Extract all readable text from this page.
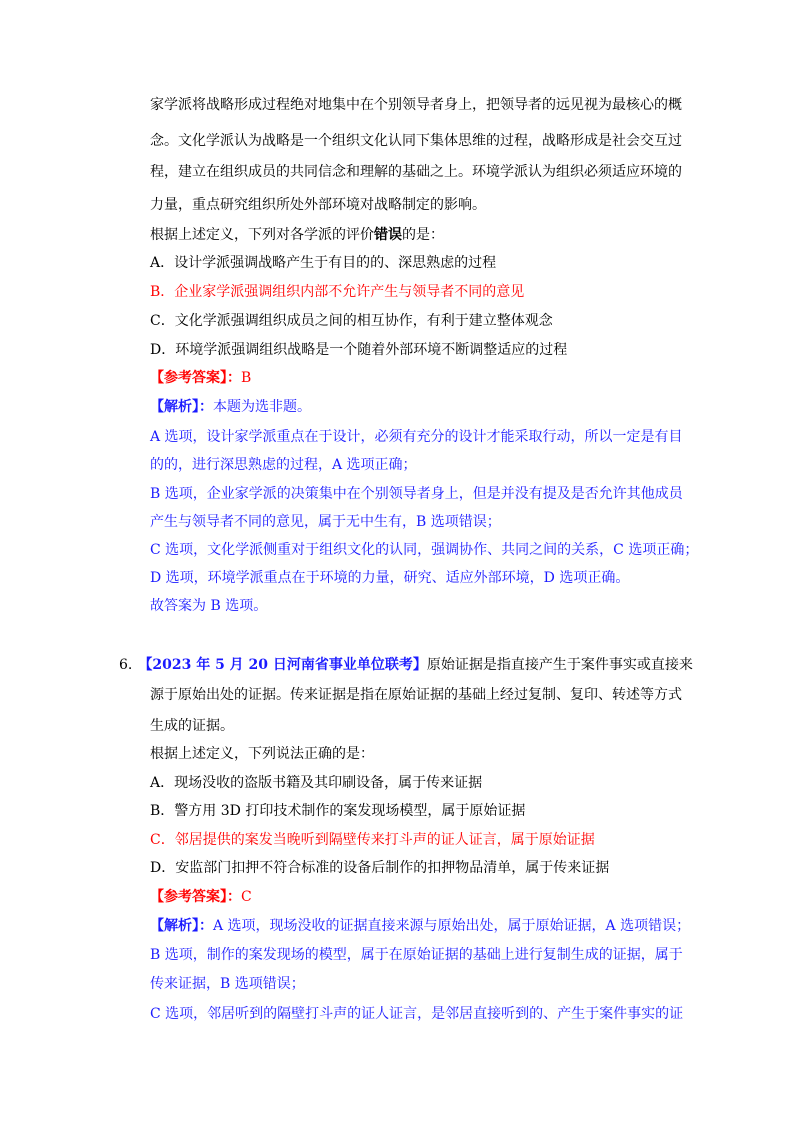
家学派将战略形成过程绝对地集中在个别领导者身上，把领导者的远见视为最核心的概
念。文化学派认为战略是一个组织文化认同下集体思维的过程，战略形成是社会交互过
程，建立在组织成员的共同信念和理解的基础之上。环境学派认为组织必须适应环境的
力量，重点研究组织所处外部环境对战略制定的影响。
根据上述定义，下列对各学派的评价错误的是：
A．设计学派强调战略产生于有目的的、深思熟虑的过程
B．企业家学派强调组织内部不允许产生与领导者不同的意见
C．文化学派强调组织成员之间的相互协作，有利于建立整体观念
D．环境学派强调组织战略是一个随着外部环境不断调整适应的过程
【参考答案】：B
【解析】：本题为选非题。
A 选项，设计家学派重点在于设计，必须有充分的设计才能采取行动，所以一定是有目
的的，进行深思熟虑的过程，A 选项正确；
B 选项，企业家学派的决策集中在个别领导者身上，但是并没有提及是否允许其他成员
产生与领导者不同的意见，属于无中生有，B 选项错误；
C 选项，文化学派侧重对于组织文化的认同，强调协作、共同之间的关系，C 选项正确；
D 选项，环境学派重点在于环境的力量，研究、适应外部环境，D 选项正确。
故答案为 B 选项。
6. 【2023 年 5 月 20 日河南省事业单位联考】原始证据是指直接产生于案件事实或直接来
源于原始出处的证据。传来证据是指在原始证据的基础上经过复制、复印、转述等方式
生成的证据。
根据上述定义，下列说法正确的是：
A．现场没收的盗版书籍及其印刷设备，属于传来证据
B．警方用 3D 打印技术制作的案发现场模型，属于原始证据
C．邻居提供的案发当晚听到隔壁传来打斗声的证人证言，属于原始证据
D．安监部门扣押不符合标准的设备后制作的扣押物品清单，属于传来证据
【参考答案】：C
【解析】：A 选项，现场没收的证据直接来源与原始出处，属于原始证据，A 选项错误；
B 选项，制作的案发现场的模型，属于在原始证据的基础上进行复制生成的证据，属于
传来证据，B 选项错误；
C 选项，邻居听到的隔壁打斗声的证人证言，是邻居直接听到的、产生于案件事实的证
